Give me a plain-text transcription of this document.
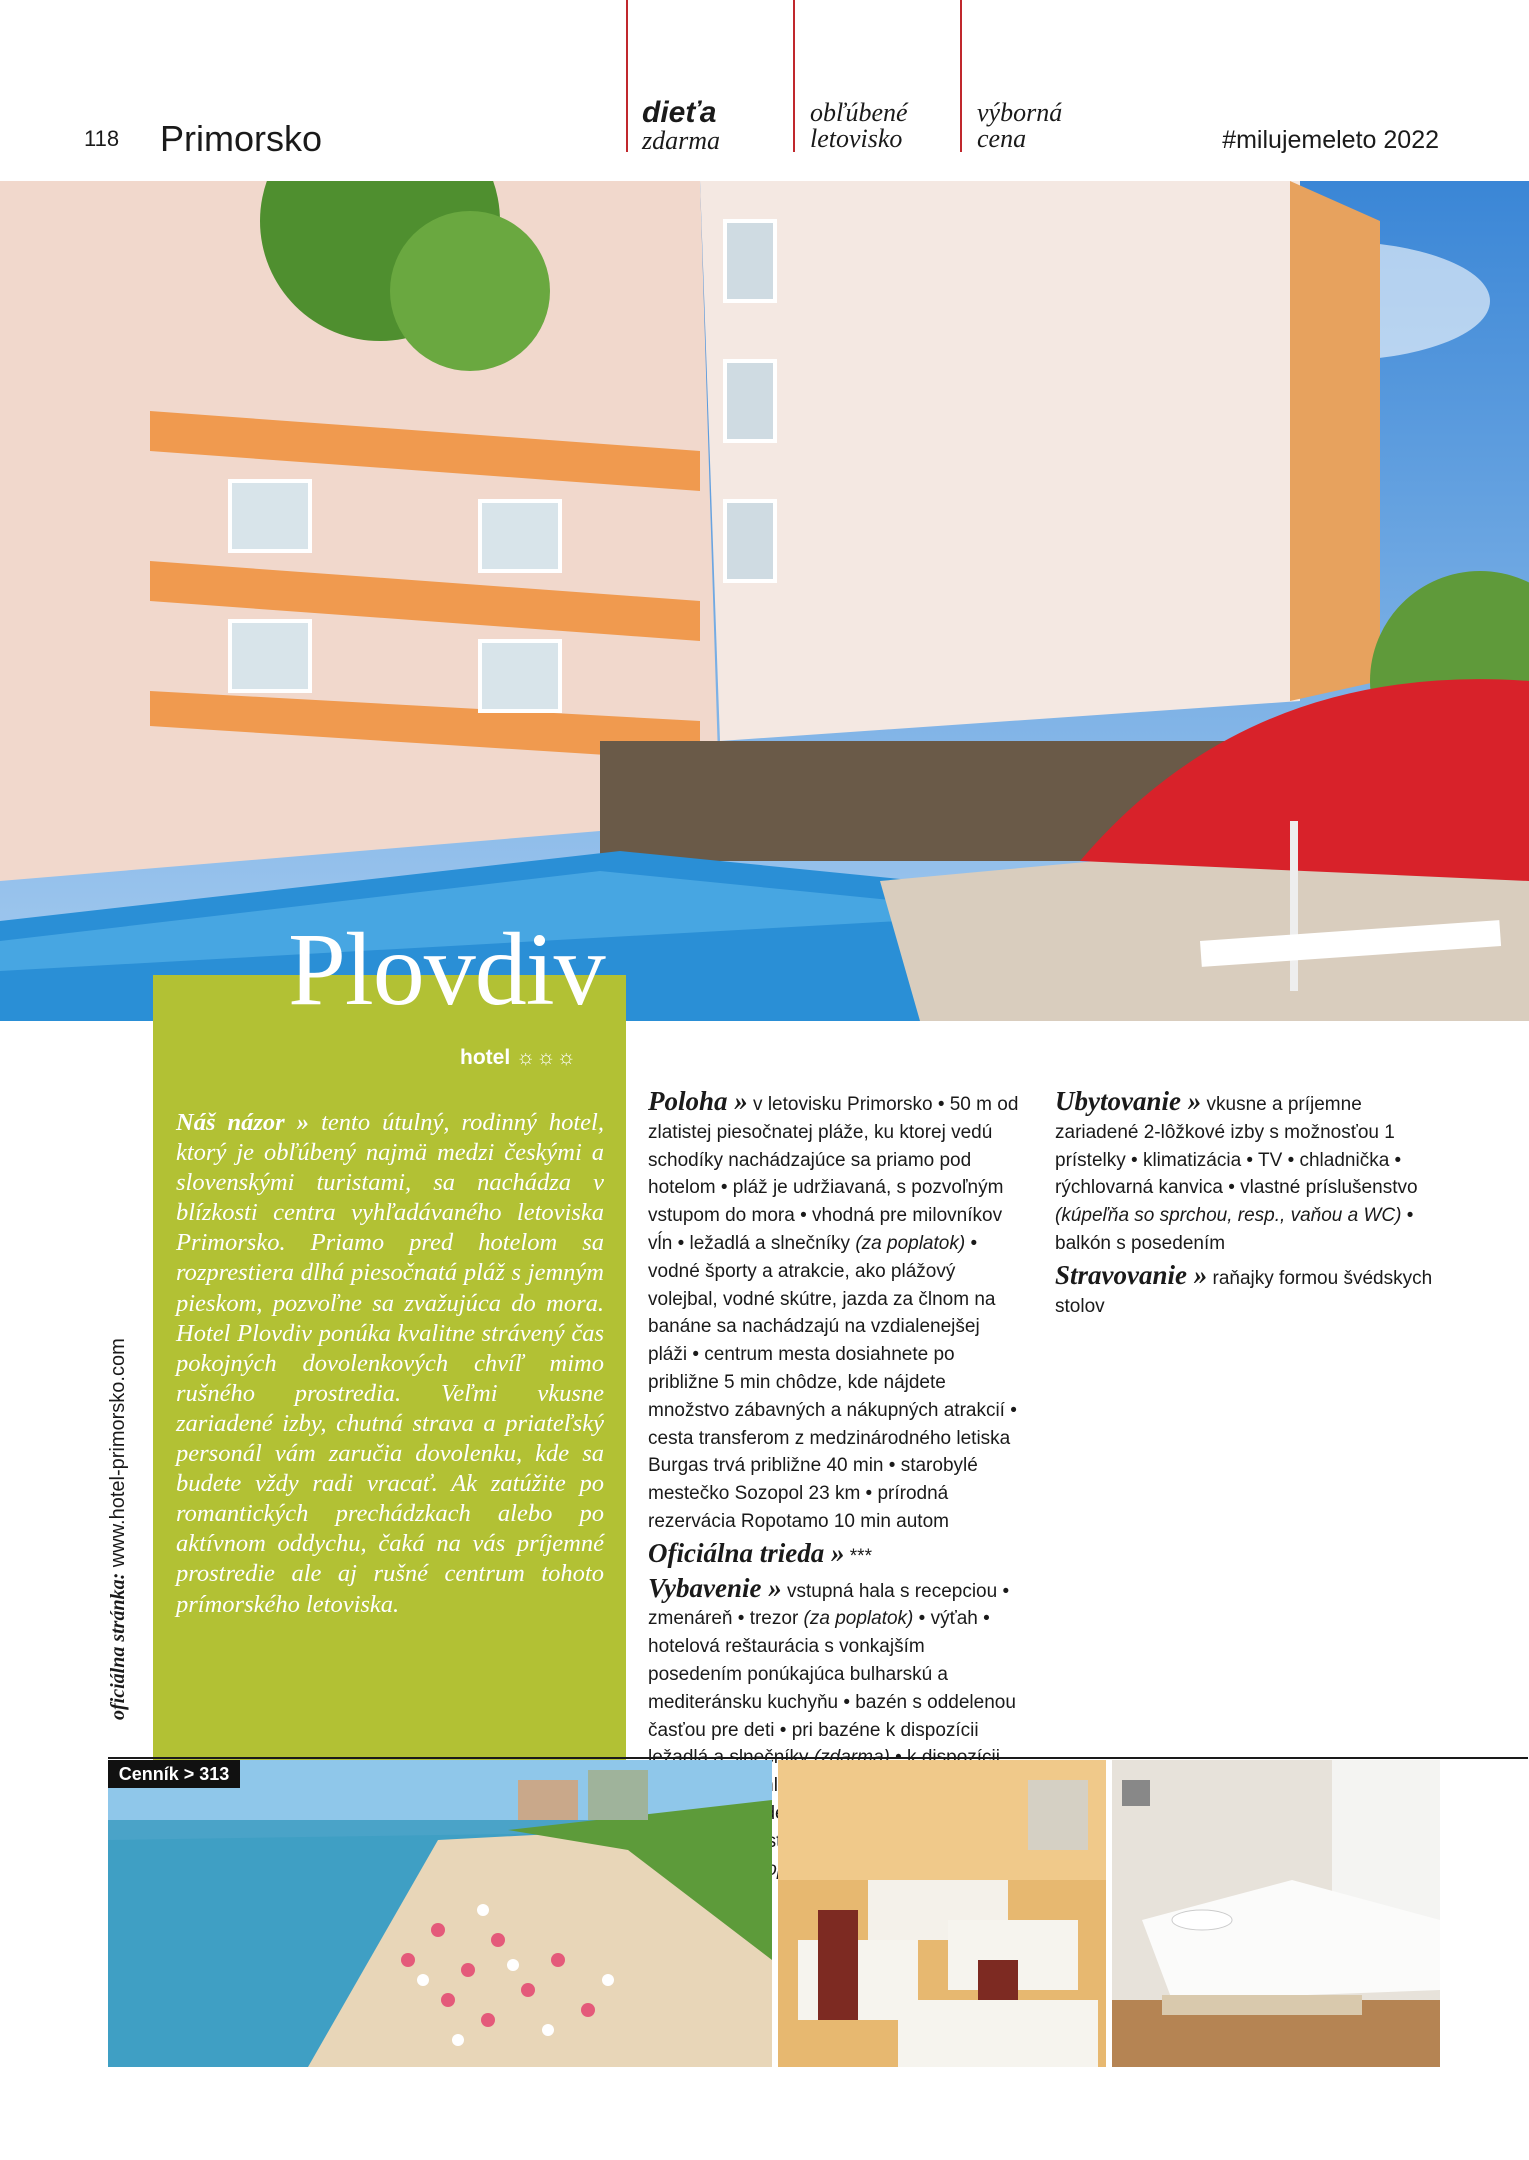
118 Primorsko
dieťa
zdarma
obľúbené
letovisko
výborná
cena	#milujemeleto 2022
Plovdiv
hotel ☼☼☼
Náš názor » tento útulný, rodinný hotel, ktorý je obľúbený najmä medzi českými a slovenskými turistami, sa nachádza v blízkosti centra vyhľadávaného letoviska Primorsko. Priamo pred hotelom sa rozprestiera dlhá piesočnatá pláž s jemným pieskom, pozvoľne sa zvažujúca do mora. Hotel Plovdiv ponúka kvalitne strávený čas pokojných dovolenkových chvíľ mimo rušného prostredia. Veľmi vkusne zariadené izby, chutná strava a priateľský personál vám zaručia dovolenku, kde sa budete vždy radi vracať. Ak zatúžite po romantických prechádzkach alebo po aktívnom oddychu, čaká na vás príjemné prostredie ale aj rušné centrum tohoto prímorského letoviska.
oficiálna stránka: www.hotel-primorsko.com

Poloha » v letovisku Primorsko • 50 m od zlatistej piesočnatej pláže, ku ktorej vedú schodíky nachádzajúce sa priamo pod hotelom • pláž je udržiavaná, s pozvoľným vstupom do mora • vhodná pre milovníkov vĺn • ležadlá a slnečníky (za poplatok) • vodné športy a atrakcie, ako plážový volejbal, vodné skútre, jazda za člnom na banáne sa nachádzajú na vzdialenejšej pláži • centrum mesta dosiahnete po približne 5 min chôdze, kde nájdete množstvo zábavných a nákupných atrakcií • cesta transferom z medzinárodného letiska Burgas trvá približne 40 min • starobylé mestečko Sozopol 23 km • prírodná rezervácia Ropotamo 10 min autom

Oficiálna trieda » ***

Vybavenie » vstupná hala s recepciou • zmenáreň • trezor (za poplatok) • výťah • hotelová reštaurácia s vonkajším posedením ponúkajúca bulharskú a mediteránsku kuchyňu • bazén s oddelenou časťou pre deti • pri bazéne k dispozícii

Ubytovanie » vkusne a príjemne zariadené 2-lôžkové izby s možnosťou 1 prístelky • klimatizácia • TV • chladnička • rýchlovarná kanvica • vlastné príslušenstvo (kúpeľňa so sprchou, resp., vaňou a WC) • balkón s posedením

Stravovanie » raňajky formou švédskych stolov

Cenník > 313
